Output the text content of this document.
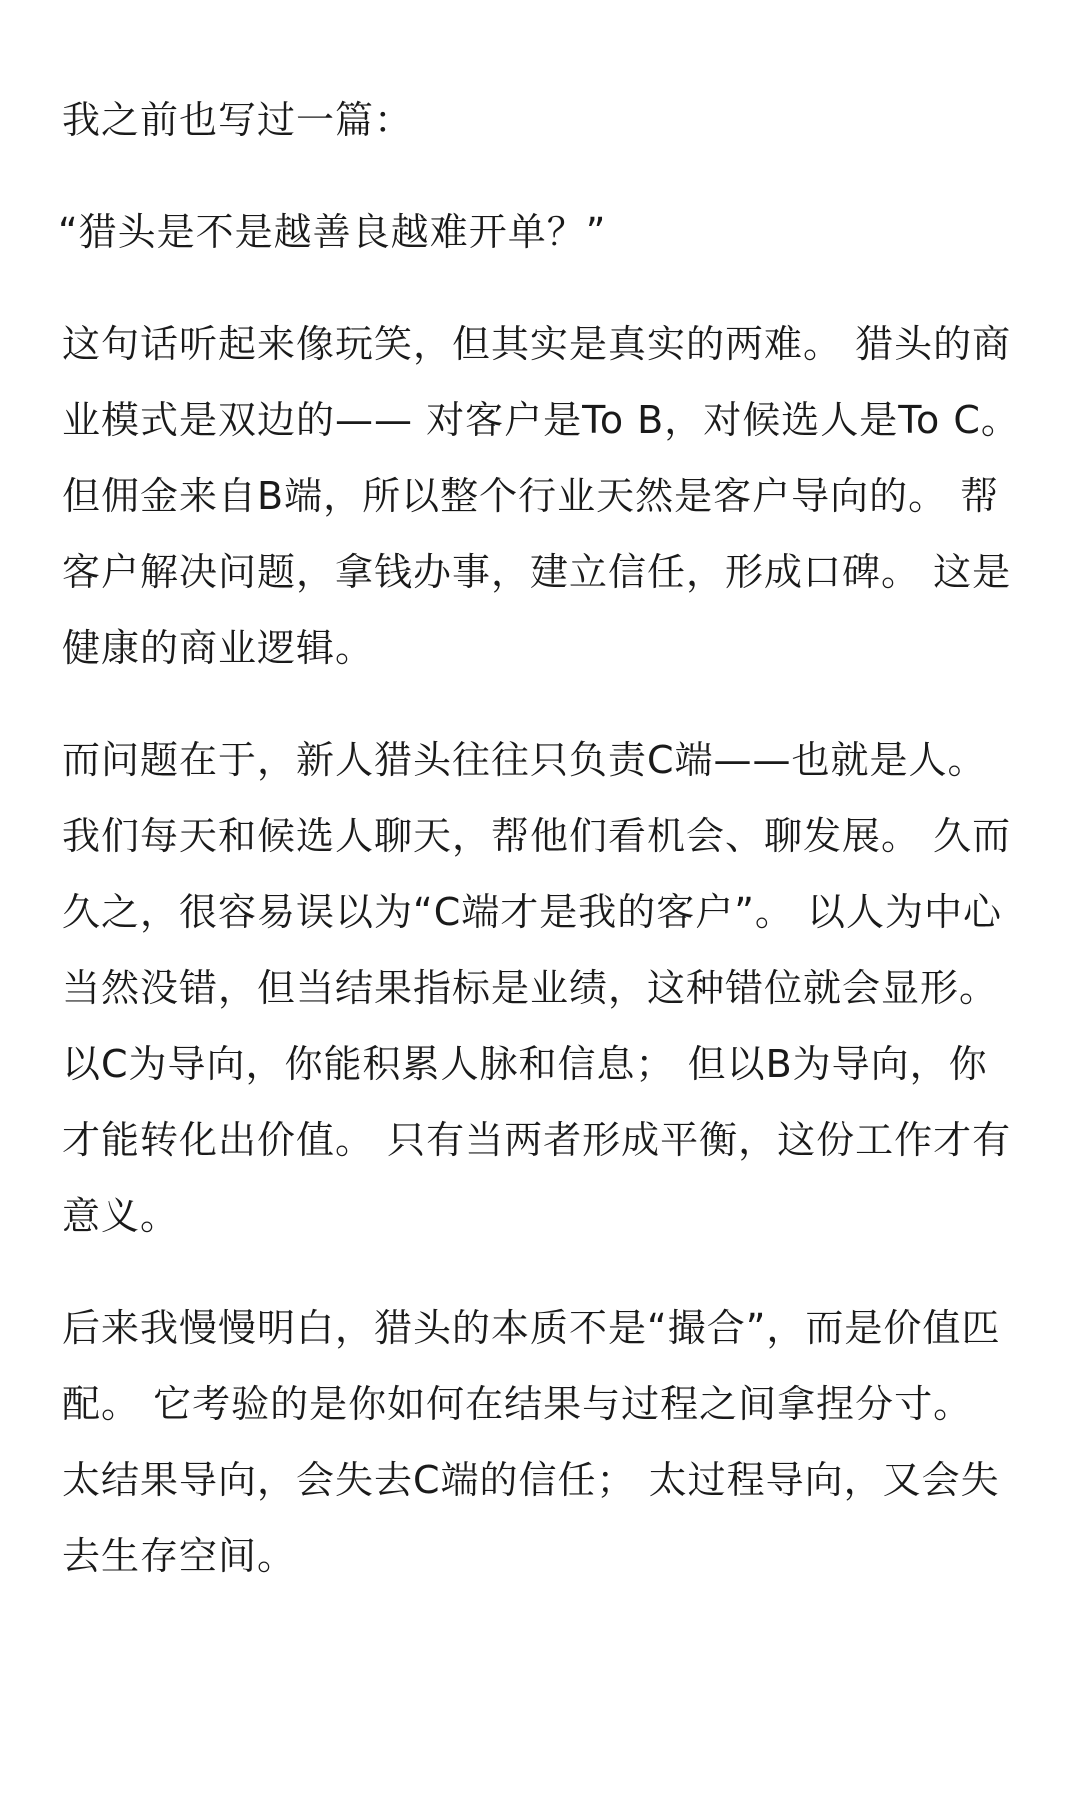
我之前也写过一篇：

“猎头是不是越善良越难开单？”

这句话听起来像玩笑，但其实是真实的两难。 猎头的商业模式是双边的—— 对客户是To B，对候选人是To C。 但佣金来自B端，所以整个行业天然是客户导向的。 帮客户解决问题，拿钱办事，建立信任，形成口碑。 这是健康的商业逻辑。

而问题在于，新人猎头往往只负责C端——也就是人。 我们每天和候选人聊天，帮他们看机会、聊发展。 久而久之，很容易误以为“C端才是我的客户”。 以人为中心当然没错，但当结果指标是业绩，这种错位就会显形。 以C为导向，你能积累人脉和信息； 但以B为导向，你才能转化出价值。 只有当两者形成平衡，这份工作才有意义。

后来我慢慢明白，猎头的本质不是“撮合”，而是价值匹配。 它考验的是你如何在结果与过程之间拿捏分寸。 太结果导向，会失去C端的信任； 太过程导向，又会失去生存空间。
